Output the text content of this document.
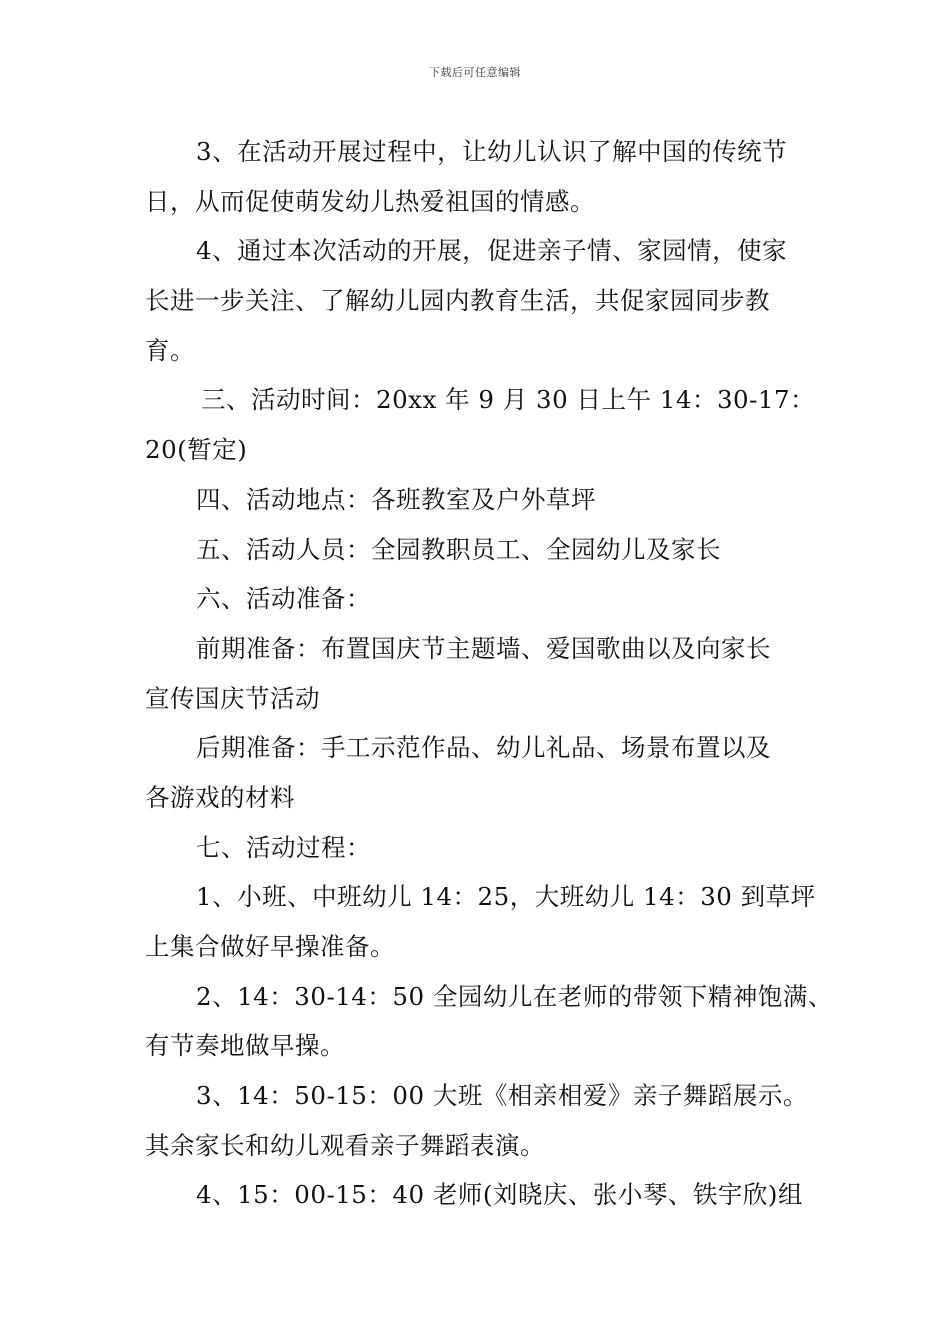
下载后可任意编辑
3、在活动开展过程中，让幼儿认识了解中国的传统节
日，从而促使萌发幼儿热爱祖国的情感。
4、通过本次活动的开展，促进亲子情、家园情，使家
长进一步关注、了解幼儿园内教育生活，共促家园同步教
育。
三、活动时间：20xx 年 9 月 30 日上午 14：30-17：
20(暂定)
四、活动地点：各班教室及户外草坪
五、活动人员：全园教职员工、全园幼儿及家长
六、活动准备：
前期准备：布置国庆节主题墙、爱国歌曲以及向家长
宣传国庆节活动
后期准备：手工示范作品、幼儿礼品、场景布置以及
各游戏的材料
七、活动过程：
1、小班、中班幼儿 14：25，大班幼儿 14：30 到草坪
上集合做好早操准备。
2、14：30-14：50 全园幼儿在老师的带领下精神饱满、
有节奏地做早操。
3、14：50-15：00 大班《相亲相爱》亲子舞蹈展示。
其余家长和幼儿观看亲子舞蹈表演。
4、15：00-15：40 老师(刘晓庆、张小琴、铁宇欣)组
